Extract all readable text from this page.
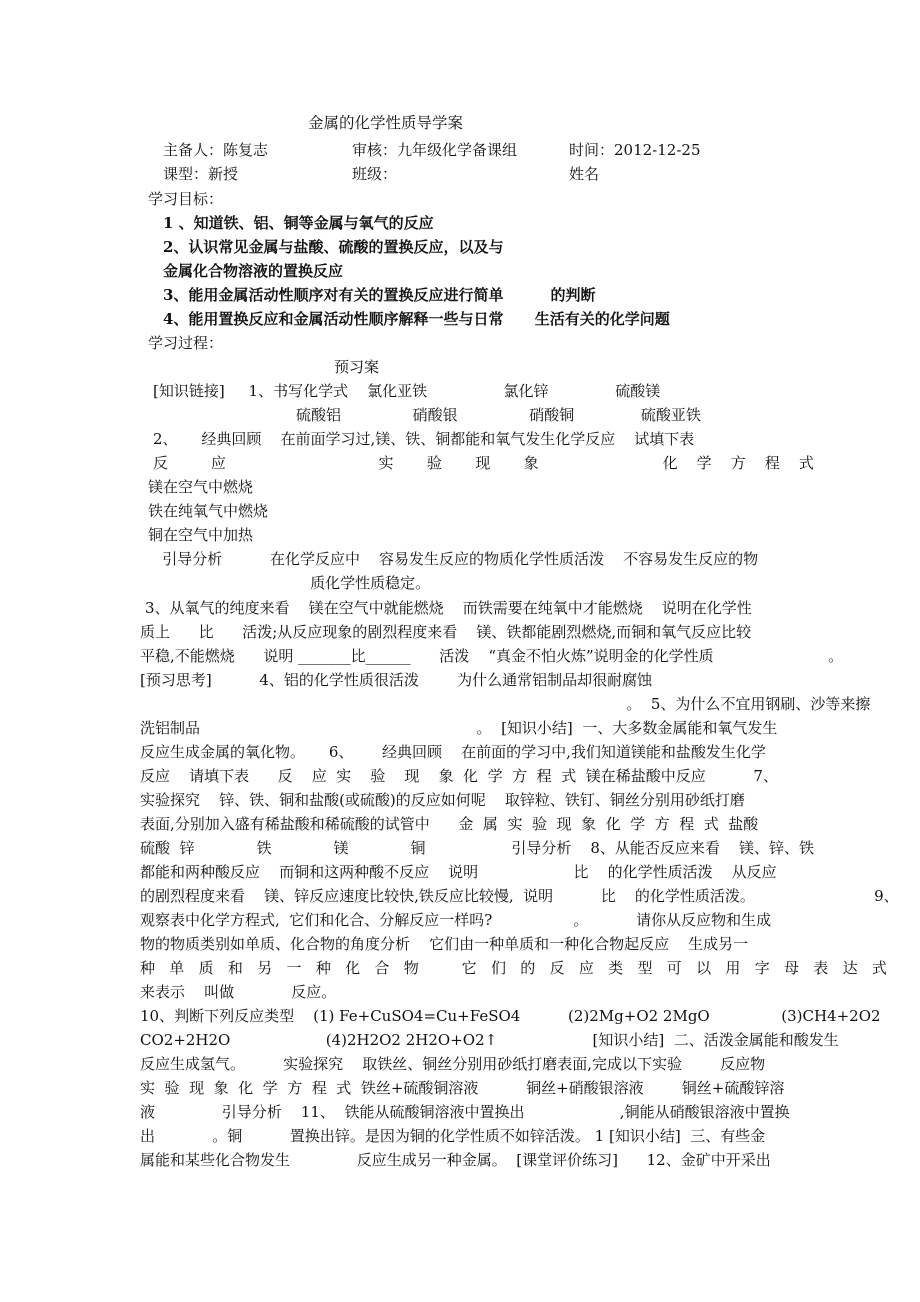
金属的化学性质导学案
主备人：陈复志	审核：九年级化学备课组	时间：2012-12-25
课型：新授	班级：	姓名
学习目标：
1 、知道铁、铝、铜等金属与氧气的反应
2、认识常见金属与盐酸、硫酸的置换反应，以及与
金属化合物溶液的置换反应
3、能用金属活动性顺序对有关的置换反应进行简单         的判断
4、能用置换反应和金属活动性顺序解释一些与日常      生活有关的化学问题
学习过程：
预习案
[知识链接]     1、书写化学式    氯化亚铁                氯化锌              硫酸镁
硫酸铝               硝酸银               硝酸铜              硫酸亚铁
2、     经典回顾    在前面学习过,镁、铁、铜都能和氧气发生化学反应    试填下表
反         应                                实       验       现       象                          化    学    方    程    式
镁在空气中燃烧
铁在纯氧气中燃烧
铜在空气中加热
引导分析          在化学反应中    容易发生反应的物质化学性质活泼    不容易发生反应的物
质化学性质稳定。
3、从氧气的纯度来看    镁在空气中就能燃烧    而铁需要在纯氧中才能燃烧    说明在化学性
质上      比      活泼;从反应现象的剧烈程度来看    镁、铁都能剧烈燃烧,而铜和氧气反应比较
平稳,不能燃烧      说明 _______比______      活泼    “真金不怕火炼”说明金的化学性质                        。
[预习思考]          4、铝的化学性质很活泼        为什么通常铝制品却很耐腐蚀
。  5、为什么不宜用钢刷、沙等来擦
洗铝制品                                                          。  [知识小结]  一、大多数金属能和氧气发生
反应生成金属的氧化物。     6、      经典回顾    在前面的学习中,我们知道镁能和盐酸发生化学
反应    请填下表      反    应  实    验    现    象  化  学  方  程  式  镁在稀盐酸中反应          7、
实验探究    锌、铁、铜和盐酸(或硫酸)的反应如何呢    取锌粒、铁钉、铜丝分别用砂纸打磨
表面,分别加入盛有稀盐酸和稀硫酸的试管中      金  属  实  验  现  象  化  学  方  程  式  盐酸
硫酸  锌             铁             镁             铜                  引导分析    8、从能否反应来看    镁、锌、铁
都能和两种酸反应    而铜和这两种酸不反应    说明                    比    的化学性质活泼    从反应
的剧烈程度来看    镁、锌反应速度比较快,铁反应比较慢,  说明          比    的化学性质活泼。                         9、
观察表中化学方程式,  它们和化合、分解反应一样吗?                 。          请你从反应物和生成
物的物质类别如单质、化合物的角度分析    它们由一种单质和一种化合物起反应    生成另一
种   单   质   和   另   一   种   化   合   物         它   们   的   反   应   类   型   可   以   用   字   母   表   达   式
来表示    叫做            反应。
10、判断下列反应类型    (1) Fe+CuSO4=Cu+FeSO4          (2)2Mg+O2 2MgO               (3)CH4+2O2
CO2+2H2O                    (4)2H2O2 2H2O+O2↑                    [知识小结]  二、活泼金属能和酸发生
反应生成氢气。        实验探究    取铁丝、铜丝分别用砂纸打磨表面,完成以下实验        反应物
实  验  现  象  化  学  方  程  式  铁丝+硫酸铜溶液          铜丝+硝酸银溶液        铜丝+硫酸锌溶
液              引导分析    11、  铁能从硫酸铜溶液中置换出                    ,铜能从硝酸银溶液中置换
出            。铜          置换出锌。是因为铜的化学性质不如锌活泼。 1 [知识小结]  三、有些金
属能和某些化合物发生              反应生成另一种金属。  [课堂评价练习]      12、金矿中开采出
